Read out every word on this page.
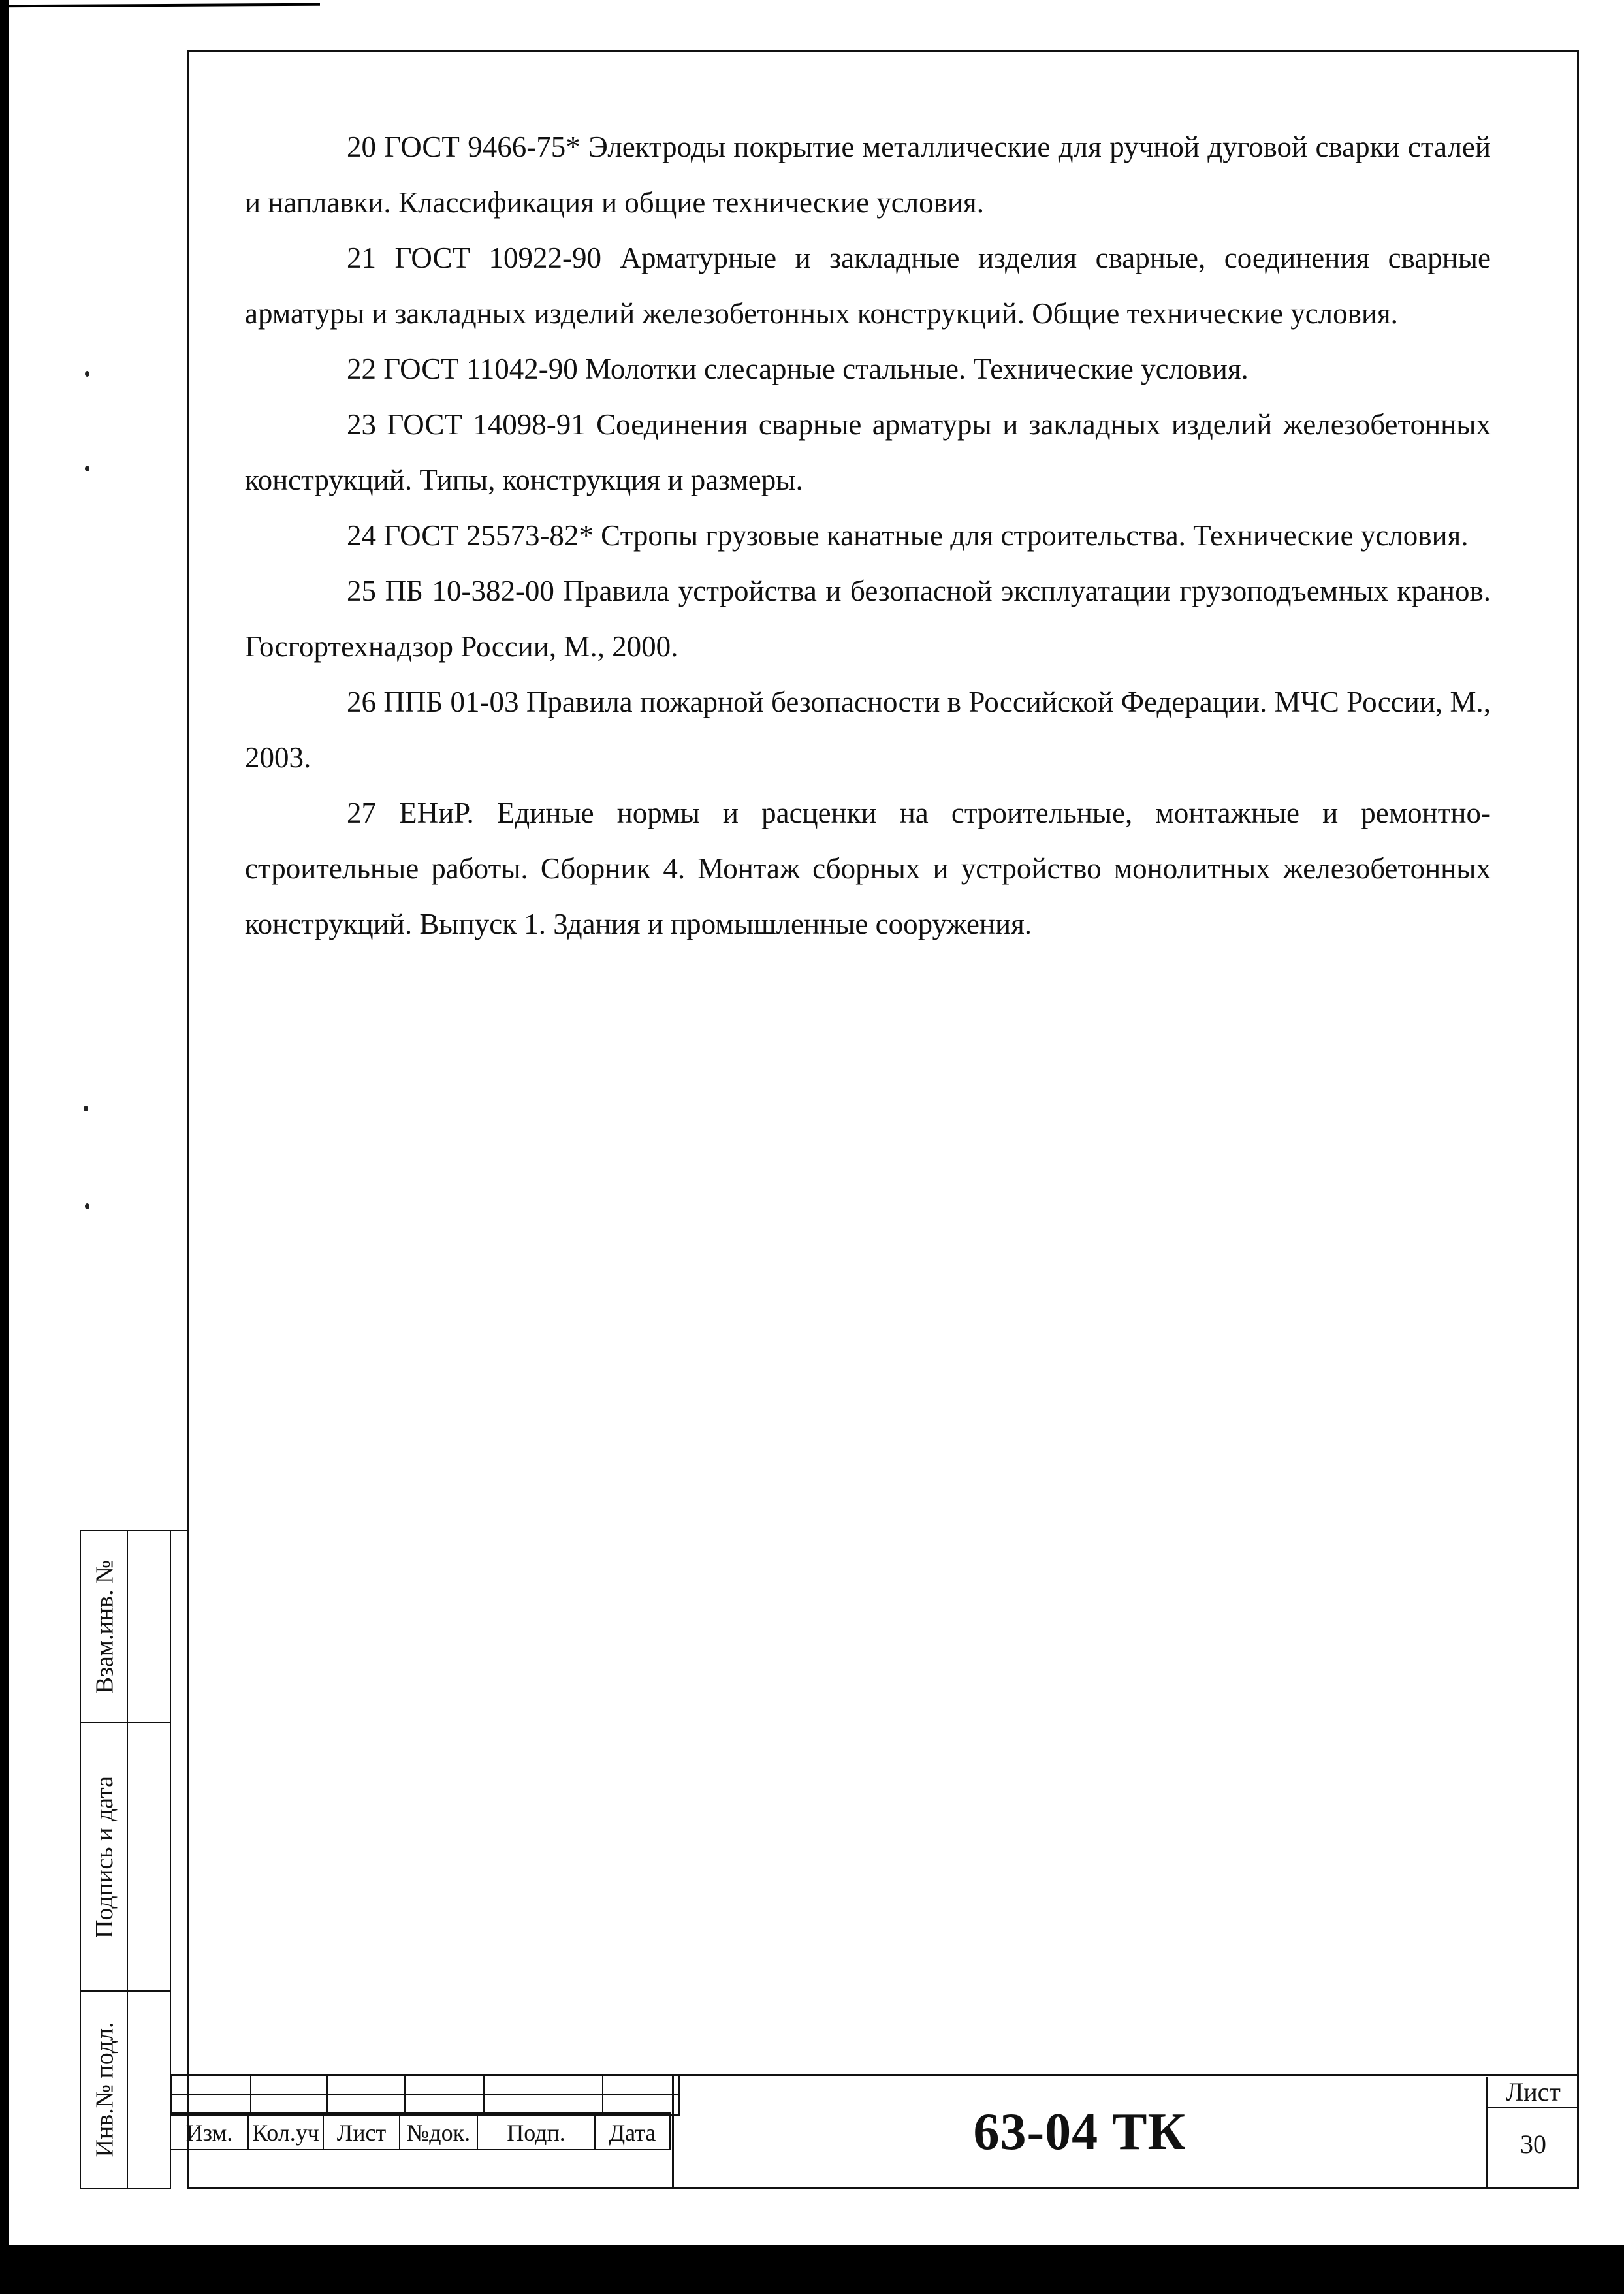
20 ГОСТ 9466-75* Электроды покрытие металлические для ручной дуговой сварки сталей и наплавки. Классификация и общие технические условия.

21 ГОСТ 10922-90 Арматурные и закладные изделия сварные, соединения сварные арматуры и закладных изделий железобетонных конструкций. Общие технические условия.

22 ГОСТ 11042-90 Молотки слесарные стальные. Технические условия.

23 ГОСТ 14098-91 Соединения сварные арматуры и закладных изделий железобетонных конструкций. Типы, конструкция и размеры.

24 ГОСТ 25573-82* Стропы грузовые канатные для строительства. Технические условия.

25 ПБ 10-382-00 Правила устройства и безопасной эксплуатации грузоподъемных кранов. Госгортехнадзор России, М., 2000.

26 ППБ 01-03 Правила пожарной безопасности в Российской Федерации. МЧС России, М., 2003.

27 ЕНиР. Единые нормы и расценки на строительные, монтажные и ремонтно-строительные работы. Сборник 4. Монтаж сборных и устройство монолитных железобетонных конструкций. Выпуск 1. Здания и промышленные сооружения.

Взам.инв. №
Подпись и дата
Инв.№ подл.

						Изм. Кол.уч Лист №док.	Подп.	Дата	63-04 ТК
Лист
30
